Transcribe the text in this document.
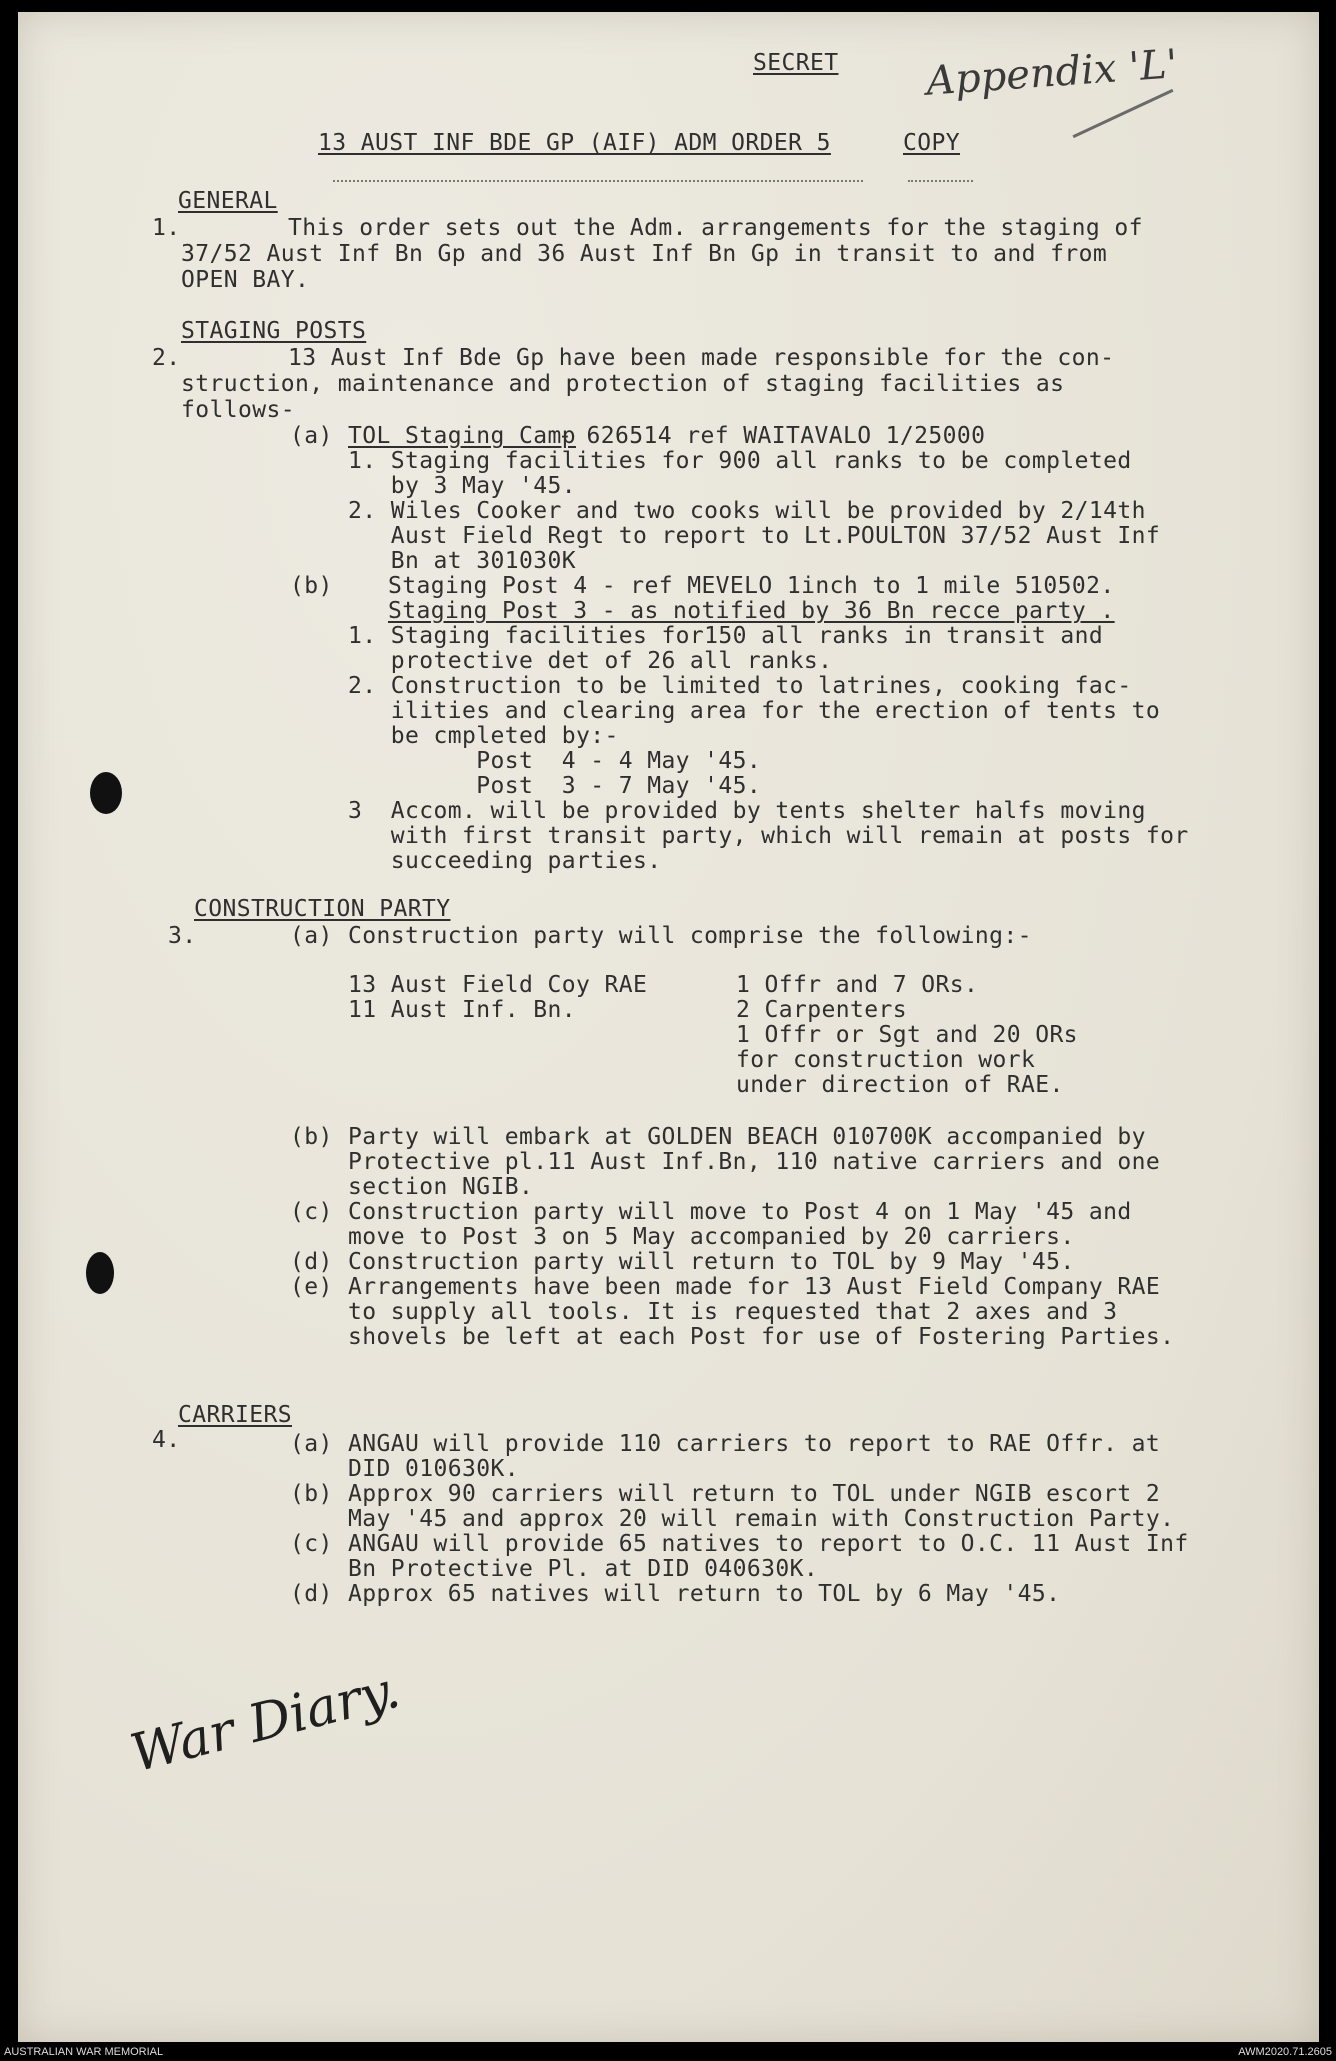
SECRET Appendix 'L'
13 AUST INF BDE GP (AIF) ADM ORDER 5	COPY
GENERAL
1.	This order sets out the Adm. arrangements for the staging of
37/52 Aust Inf Bn Gp and 36 Aust Inf Bn Gp in transit to and from
OPEN BAY.
STAGING POSTS
2.	13 Aust Inf Bde Gp have been made responsible for the con-
struction, maintenance and protection of staging facilities as
follows-
(a) TOL Staging Camp
- 626514 ref WAITAVALO 1/25000
1. Staging facilities for 900 all ranks to be completed
by 3 May '45.
2. Wiles Cooker and two cooks will be provided by 2/14th
Aust Field Regt to report to Lt.POULTON 37/52 Aust Inf
Bn at 301030K
(b) Staging Post 4 - ref MEVELO 1inch to 1 mile 510502.
Staging Post 3 - as notified by 36 Bn recce party .
1. Staging facilities for150 all ranks in transit and
protective det of 26 all ranks.
2. Construction to be limited to latrines, cooking fac-
ilities and clearing area for the erection of tents to
be cmpleted by:-
Post  4 - 4 May '45.
Post  3 - 7 May '45.
3  Accom. will be provided by tents shelter halfs moving
with first transit party, which will remain at posts for
succeeding parties.
CONSTRUCTION PARTY
3.	(a) Construction party will comprise the following:-
13 Aust Field Coy RAE	1 Offr and 7 ORs.
11 Aust Inf. Bn.	2 Carpenters
1 Offr or Sgt and 20 ORs
for construction work
under direction of RAE.
(b) Party will embark at GOLDEN BEACH 010700K accompanied by
Protective pl.11 Aust Inf.Bn, 110 native carriers and one
section NGIB.
(c) Construction party will move to Post 4 on 1 May '45 and
move to Post 3 on 5 May accompanied by 20 carriers.
(d) Construction party will return to TOL by 9 May '45.
(e) Arrangements have been made for 13 Aust Field Company RAE
to supply all tools. It is requested that 2 axes and 3
shovels be left at each Post for use of Fostering Parties.
CARRIERS
4.	(a) ANGAU will provide 110 carriers to report to RAE Offr. at
DID 010630K.
(b) Approx 90 carriers will return to TOL under NGIB escort 2
May '45 and approx 20 will remain with Construction Party.
(c) ANGAU will provide 65 natives to report to O.C. 11 Aust Inf
Bn Protective Pl. at DID 040630K.
(d) Approx 65 natives will return to TOL by 6 May '45.
War Diary.
AUSTRALIAN WAR MEMORIAL	AWM2020.71.2605
